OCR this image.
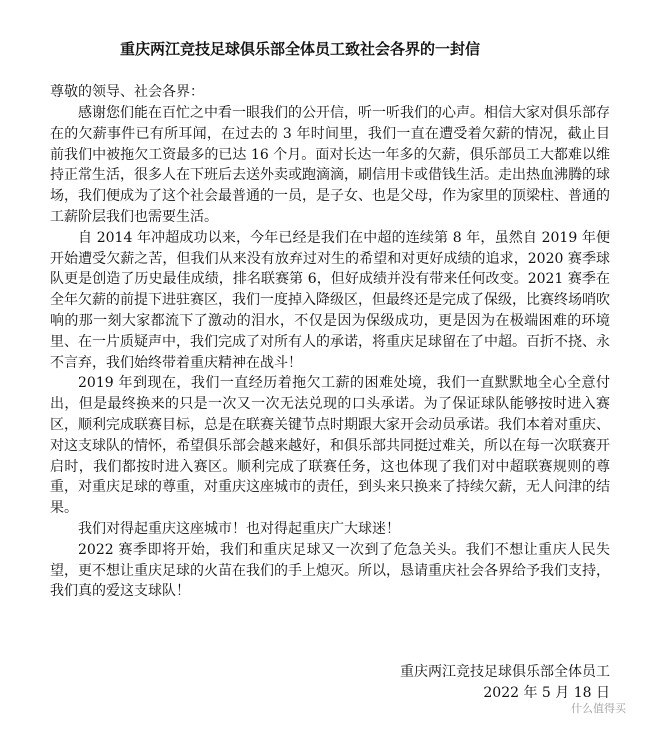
重庆两江竞技足球俱乐部全体员工致社会各界的一封信
尊敬的领导、社会各界：

感谢您们能在百忙之中看一眼我们的公开信，听一听我们的心声。相信大家对俱乐部存在的欠薪事件已有所耳闻，在过去的 3 年时间里，我们一直在遭受着欠薪的情况，截止目前我们中被拖欠工资最多的已达 16 个月。面对长达一年多的欠薪，俱乐部员工大都难以维持正常生活，很多人在下班后去送外卖或跑滴滴，刷信用卡或借钱生活。走出热血沸腾的球场，我们便成为了这个社会最普通的一员，是子女、也是父母，作为家里的顶梁柱、普通的工薪阶层我们也需要生活。

自 2014 年冲超成功以来，今年已经是我们在中超的连续第 8 年，虽然自 2019 年便开始遭受欠薪之苦，但我们从来没有放弃过对生的希望和对更好成绩的追求，2020 赛季球队更是创造了历史最佳成绩，排名联赛第 6，但好成绩并没有带来任何改变。2021 赛季在全年欠薪的前提下进驻赛区，我们一度掉入降级区，但最终还是完成了保级，比赛终场哨吹响的那一刻大家都流下了激动的泪水，不仅是因为保级成功，更是因为在极端困难的环境里、在一片质疑声中，我们完成了对所有人的承诺，将重庆足球留在了中超。百折不挠、永不言弃，我们始终带着重庆精神在战斗！

2019 年到现在，我们一直经历着拖欠工薪的困难处境，我们一直默默地全心全意付出，但是最终换来的只是一次又一次无法兑现的口头承诺。为了保证球队能够按时进入赛区，顺利完成联赛目标，总是在联赛关键节点时期跟大家开会动员承诺。我们本着对重庆、对这支球队的情怀，希望俱乐部会越来越好，和俱乐部共同挺过难关，所以在每一次联赛开启时，我们都按时进入赛区。顺利完成了联赛任务，这也体现了我们对中超联赛规则的尊重，对重庆足球的尊重，对重庆这座城市的责任，到头来只换来了持续欠薪，无人问津的结果。

我们对得起重庆这座城市！也对得起重庆广大球迷！

2022 赛季即将开始，我们和重庆足球又一次到了危急关头。我们不想让重庆人民失望，更不想让重庆足球的火苗在我们的手上熄灭。所以，恳请重庆社会各界给予我们支持，我们真的爱这支球队！

重庆两江竞技足球俱乐部全体员工
2022 年 5 月 18 日
什么值得买
